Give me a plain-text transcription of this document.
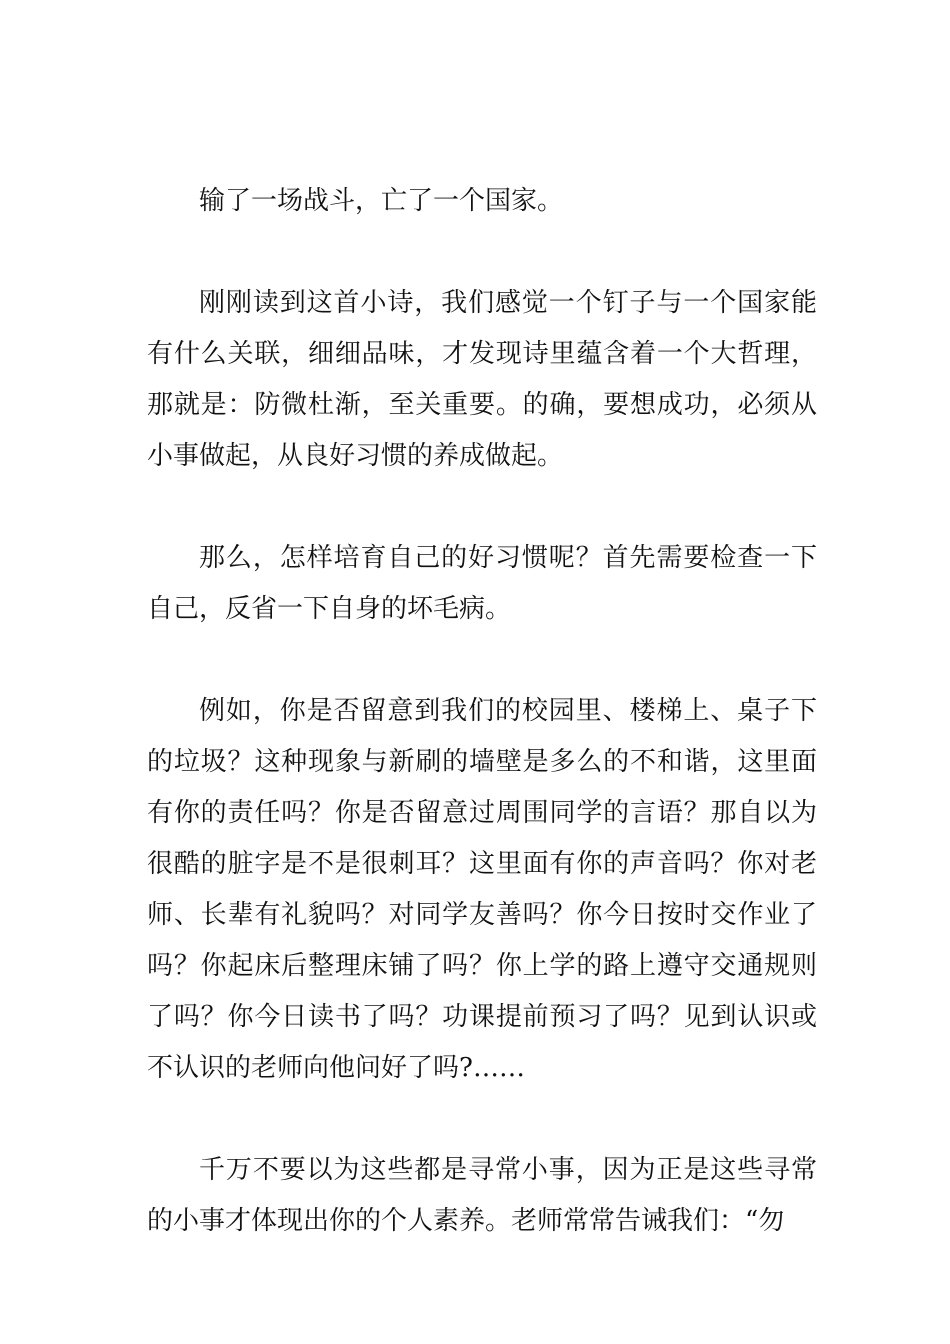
输了一场战斗，亡了一个国家。

刚刚读到这首小诗，我们感觉一个钉子与一个国家能有什么关联，细细品味，才发现诗里蕴含着一个大哲理，那就是：防微杜渐，至关重要。的确，要想成功，必须从小事做起，从良好习惯的养成做起。

那么，怎样培育自己的好习惯呢？首先需要检查一下自己，反省一下自身的坏毛病。

例如，你是否留意到我们的校园里、楼梯上、桌子下的垃圾？这种现象与新刷的墙壁是多么的不和谐，这里面有你的责任吗？你是否留意过周围同学的言语？那自以为很酷的脏字是不是很刺耳？这里面有你的声音吗？你对老师、长辈有礼貌吗？对同学友善吗？你今日按时交作业了吗？你起床后整理床铺了吗？你上学的路上遵守交通规则了吗？你今日读书了吗？功课提前预习了吗？见到认识或不认识的老师向他问好了吗?……

千万不要以为这些都是寻常小事，因为正是这些寻常的小事才体现出你的个人素养。老师常常告诫我们：“勿
